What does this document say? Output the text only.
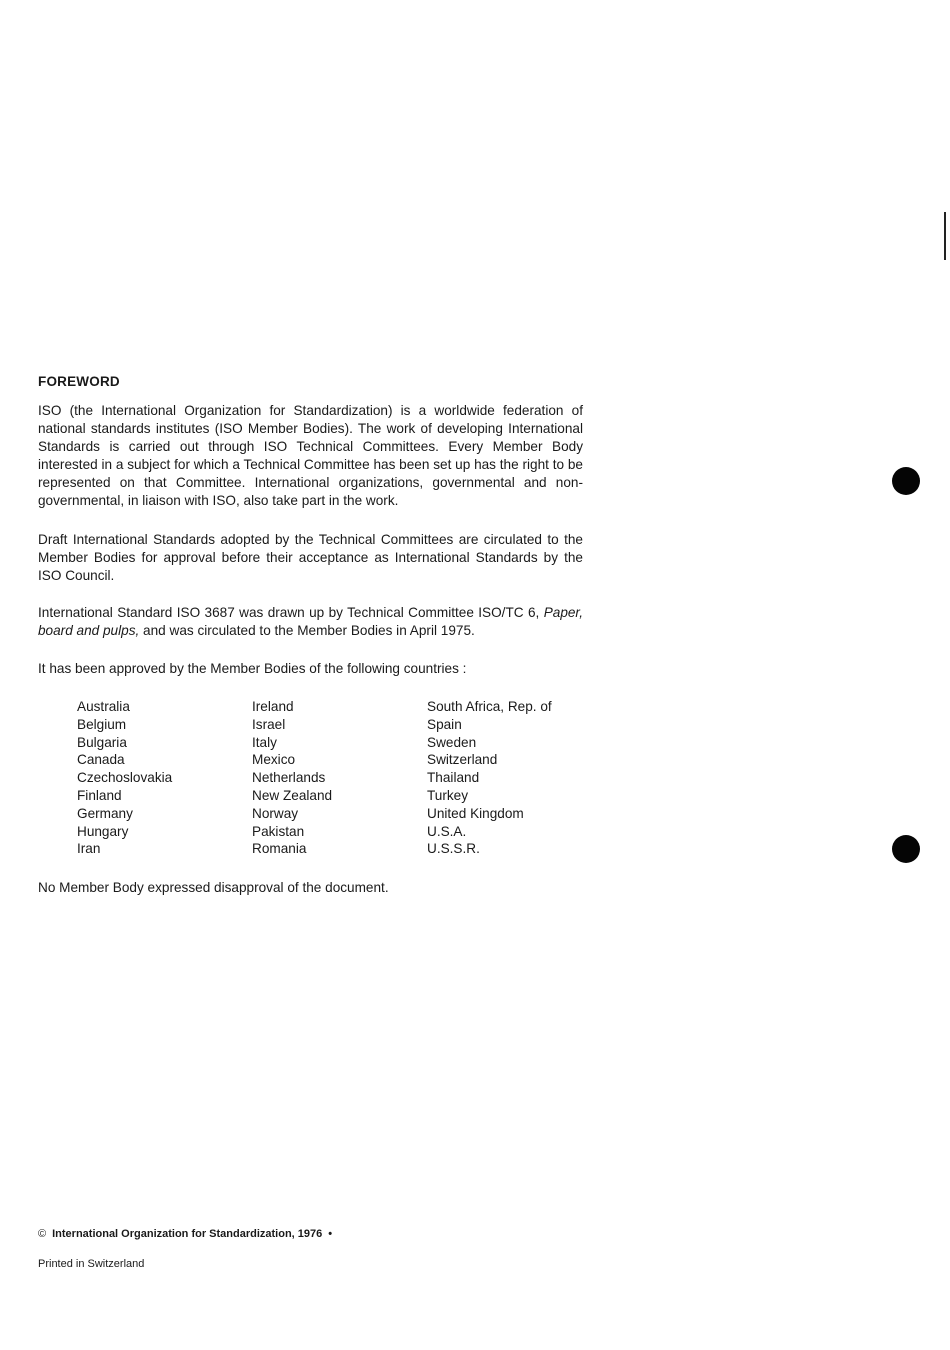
FOREWORD
ISO (the International Organization for Standardization) is a worldwide federation of national standards institutes (ISO Member Bodies). The work of developing International Standards is carried out through ISO Technical Committees. Every Member Body interested in a subject for which a Technical Committee has been set up has the right to be represented on that Committee. International organizations, governmental and non-governmental, in liaison with ISO, also take part in the work.
Draft International Standards adopted by the Technical Committees are circulated to the Member Bodies for approval before their acceptance as International Standards by the ISO Council.
International Standard ISO 3687 was drawn up by Technical Committee ISO/TC 6, Paper, board and pulps, and was circulated to the Member Bodies in April 1975.
It has been approved by the Member Bodies of the following countries :
Australia
Belgium
Bulgaria
Canada
Czechoslovakia
Finland
Germany
Hungary
Iran
Ireland
Israel
Italy
Mexico
Netherlands
New Zealand
Norway
Pakistan
Romania
South Africa, Rep. of
Spain
Sweden
Switzerland
Thailand
Turkey
United Kingdom
U.S.A.
U.S.S.R.
No Member Body expressed disapproval of the document.
© International Organization for Standardization, 1976 •
Printed in Switzerland
